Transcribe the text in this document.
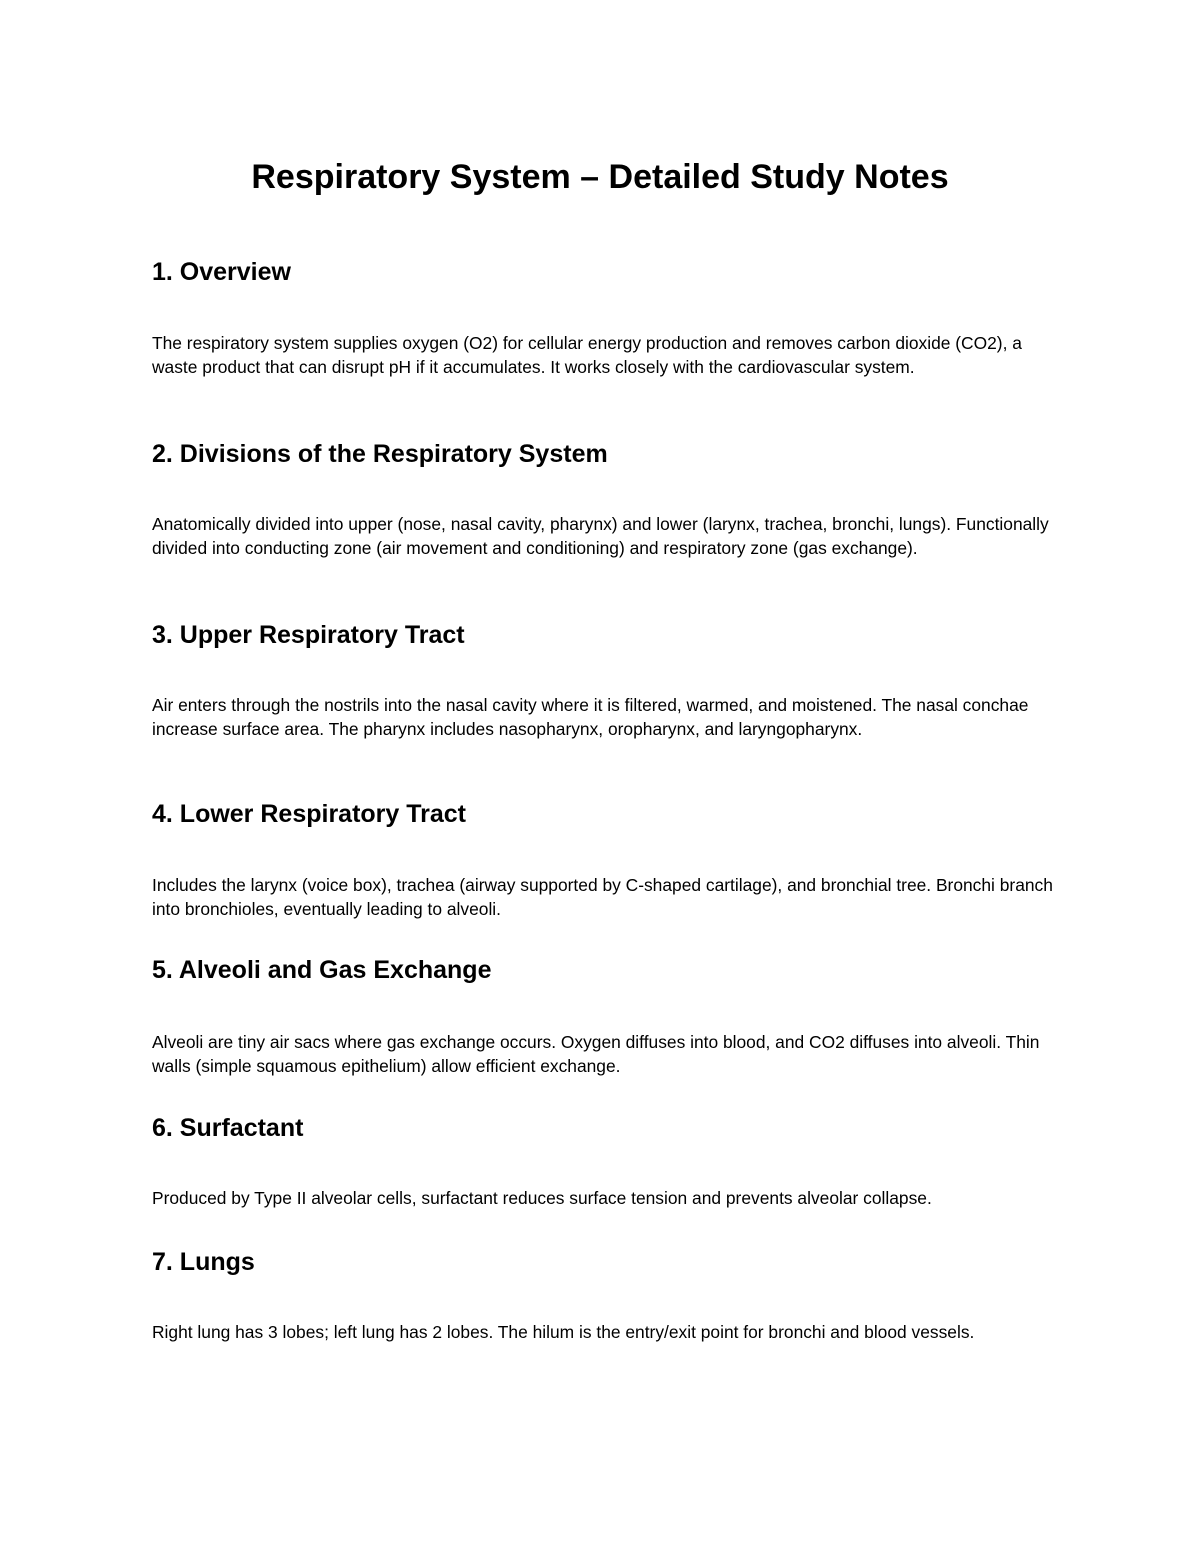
Respiratory System – Detailed Study Notes
1. Overview

The respiratory system supplies oxygen (O2) for cellular energy production and removes carbon dioxide (CO2), a waste product that can disrupt pH if it accumulates. It works closely with the cardiovascular system.

2. Divisions of the Respiratory System

Anatomically divided into upper (nose, nasal cavity, pharynx) and lower (larynx, trachea, bronchi, lungs). Functionally divided into conducting zone (air movement and conditioning) and respiratory zone (gas exchange).

3. Upper Respiratory Tract

Air enters through the nostrils into the nasal cavity where it is filtered, warmed, and moistened. The nasal conchae increase surface area. The pharynx includes nasopharynx, oropharynx, and laryngopharynx.

4. Lower Respiratory Tract

Includes the larynx (voice box), trachea (airway supported by C-shaped cartilage), and bronchial tree. Bronchi branch into bronchioles, eventually leading to alveoli.

5. Alveoli and Gas Exchange

Alveoli are tiny air sacs where gas exchange occurs. Oxygen diffuses into blood, and CO2 diffuses into alveoli. Thin walls (simple squamous epithelium) allow efficient exchange.

6. Surfactant

Produced by Type II alveolar cells, surfactant reduces surface tension and prevents alveolar collapse.

7. Lungs

Right lung has 3 lobes; left lung has 2 lobes. The hilum is the entry/exit point for bronchi and blood vessels.
